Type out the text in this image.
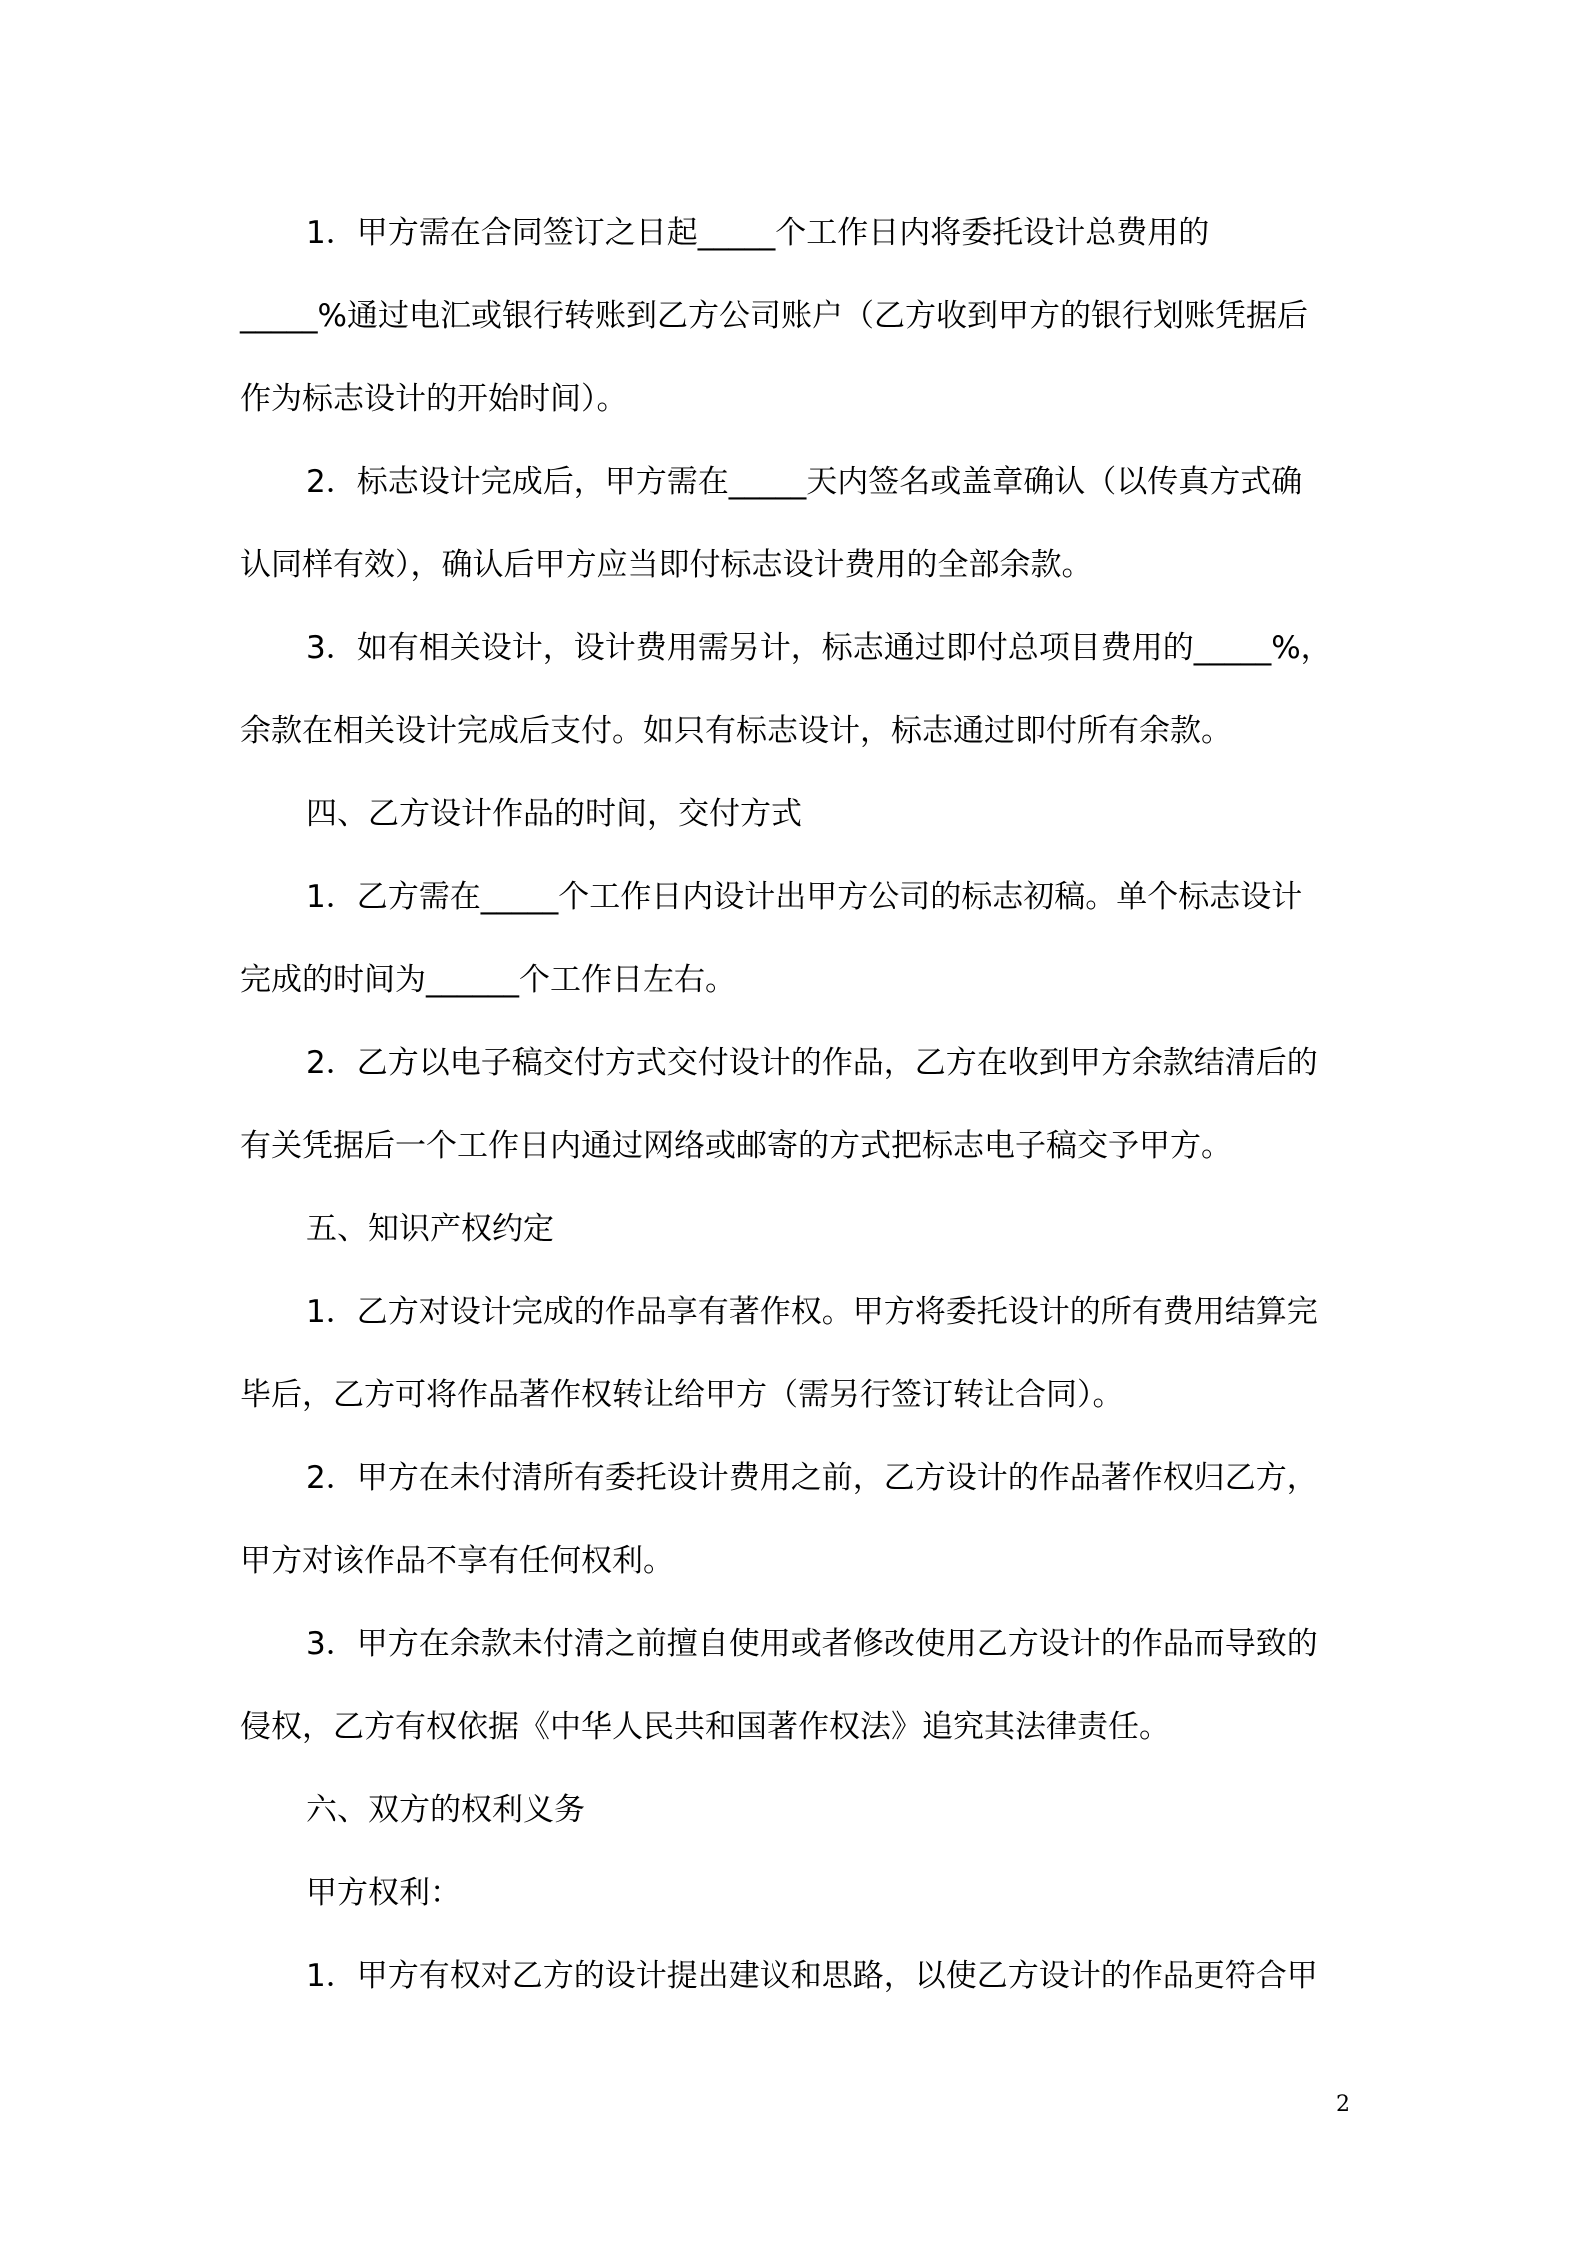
1．甲方需在合同签订之日起_____个工作日内将委托设计总费用的
_____%通过电汇或银行转账到乙方公司账户（乙方收到甲方的银行划账凭据后
作为标志设计的开始时间）。

2．标志设计完成后，甲方需在_____天内签名或盖章确认（以传真方式确
认同样有效），确认后甲方应当即付标志设计费用的全部余款。

3．如有相关设计，设计费用需另计，标志通过即付总项目费用的_____%，
余款在相关设计完成后支付。如只有标志设计，标志通过即付所有余款。

四、乙方设计作品的时间，交付方式

1．乙方需在_____个工作日内设计出甲方公司的标志初稿。单个标志设计
完成的时间为______个工作日左右。

2．乙方以电子稿交付方式交付设计的作品，乙方在收到甲方余款结清后的
有关凭据后一个工作日内通过网络或邮寄的方式把标志电子稿交予甲方。

五、知识产权约定

1．乙方对设计完成的作品享有著作权。甲方将委托设计的所有费用结算完
毕后，乙方可将作品著作权转让给甲方（需另行签订转让合同）。

2．甲方在未付清所有委托设计费用之前，乙方设计的作品著作权归乙方，
甲方对该作品不享有任何权利。

3．甲方在余款未付清之前擅自使用或者修改使用乙方设计的作品而导致的
侵权，乙方有权依据《中华人民共和国著作权法》追究其法律责任。

六、双方的权利义务

甲方权利：

1．甲方有权对乙方的设计提出建议和思路，以使乙方设计的作品更符合甲

2
